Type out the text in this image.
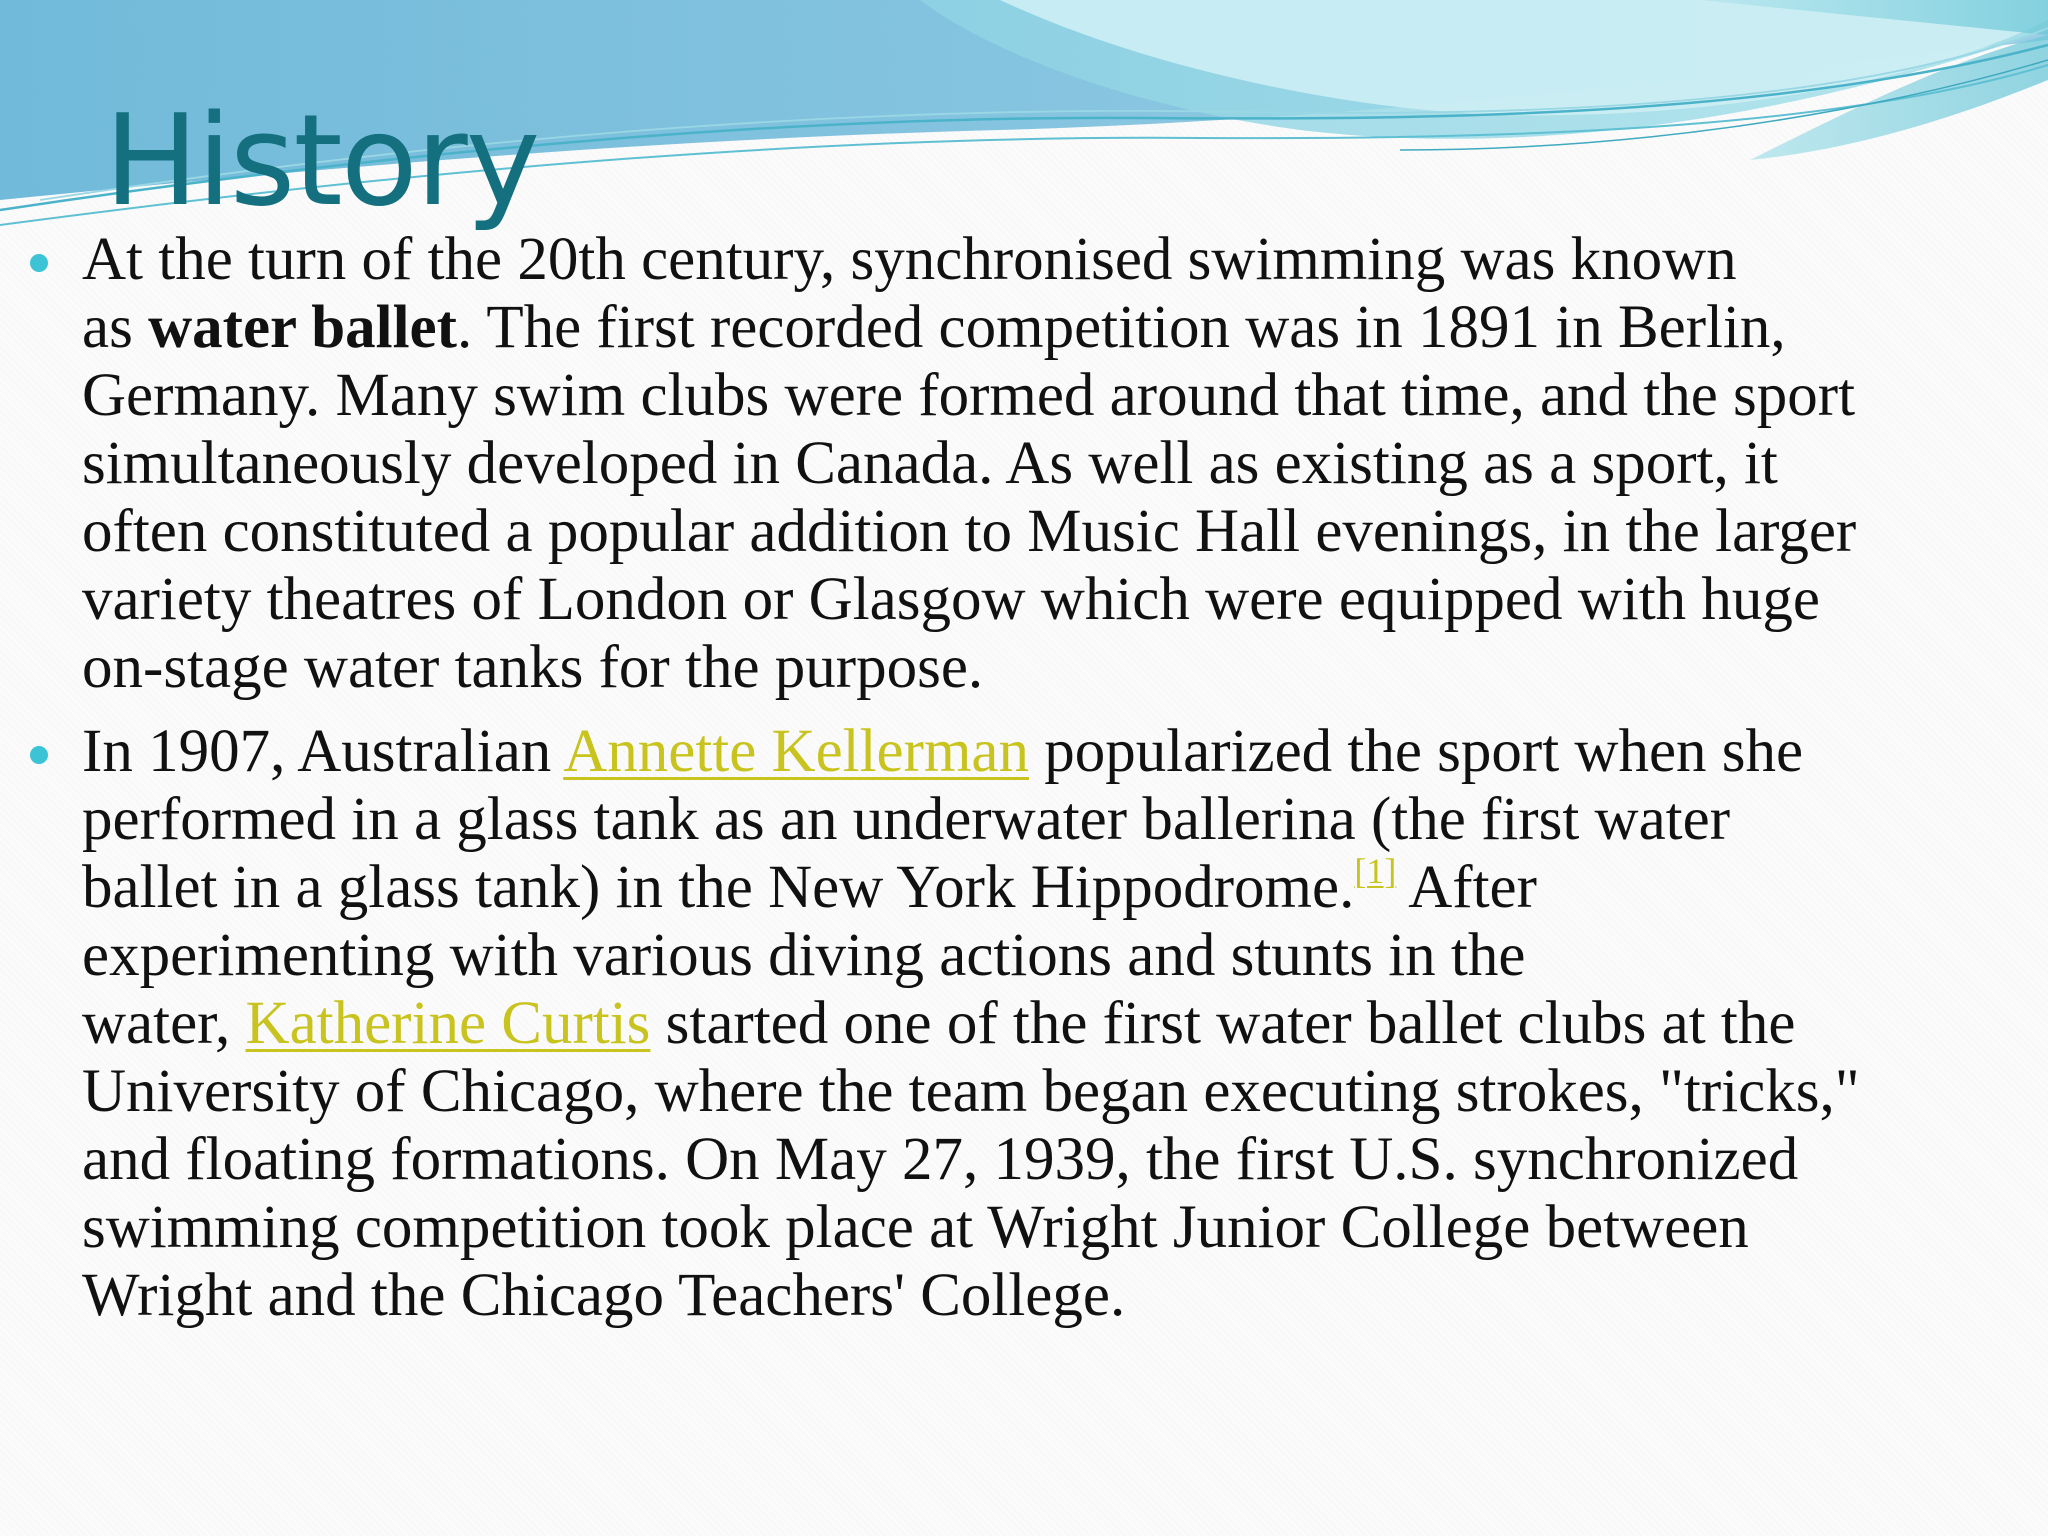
History
At the turn of the 20th century, synchronised swimming was known
as water ballet. The first recorded competition was in 1891 in Berlin,
Germany. Many swim clubs were formed around that time, and the sport
simultaneously developed in Canada. As well as existing as a sport, it
often constituted a popular addition to Music Hall evenings, in the larger
variety theatres of London or Glasgow which were equipped with huge
on-stage water tanks for the purpose.
In 1907, Australian Annette Kellerman popularized the sport when she
performed in a glass tank as an underwater ballerina (the first water
ballet in a glass tank) in the New York Hippodrome.[1] After
experimenting with various diving actions and stunts in the
water, Katherine Curtis started one of the first water ballet clubs at the
University of Chicago, where the team began executing strokes, "tricks,"
and floating formations. On May 27, 1939, the first U.S. synchronized
swimming competition took place at Wright Junior College between
Wright and the Chicago Teachers' College.
